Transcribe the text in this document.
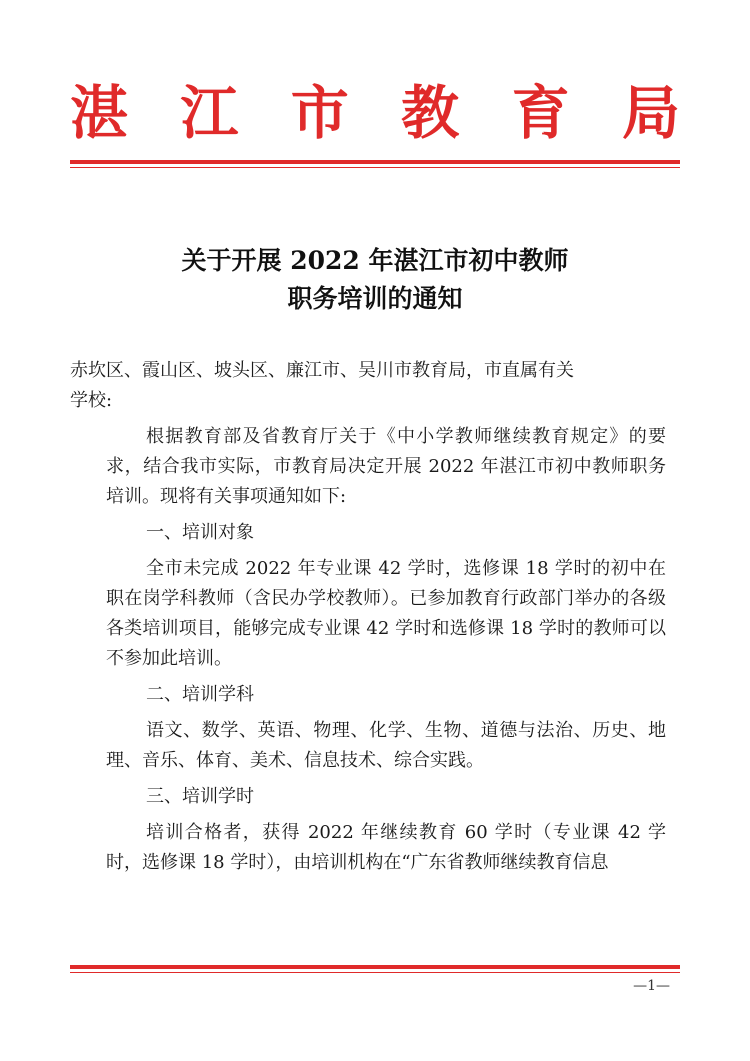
湛 江 市 教 育 局
关于开展 2022 年湛江市初中教师
职务培训的通知
赤坎区、霞山区、坡头区、廉江市、吴川市教育局，市直属有关
学校:
根据教育部及省教育厅关于《中小学教师继续教育规定》的要求，结合我市实际，市教育局决定开展 2022 年湛江市初中教师职务培训。现将有关事项通知如下:
一、培训对象
全市未完成 2022 年专业课 42 学时，选修课 18 学时的初中在职在岗学科教师（含民办学校教师）。已参加教育行政部门举办的各级各类培训项目，能够完成专业课 42 学时和选修课 18 学时的教师可以不参加此培训。
二、培训学科
语文、数学、英语、物理、化学、生物、道德与法治、历史、地理、音乐、体育、美术、信息技术、综合实践。
三、培训学时
培训合格者，获得 2022 年继续教育 60 学时（专业课 42 学时，选修课 18 学时），由培训机构在“广东省教师继续教育信息
—1—
